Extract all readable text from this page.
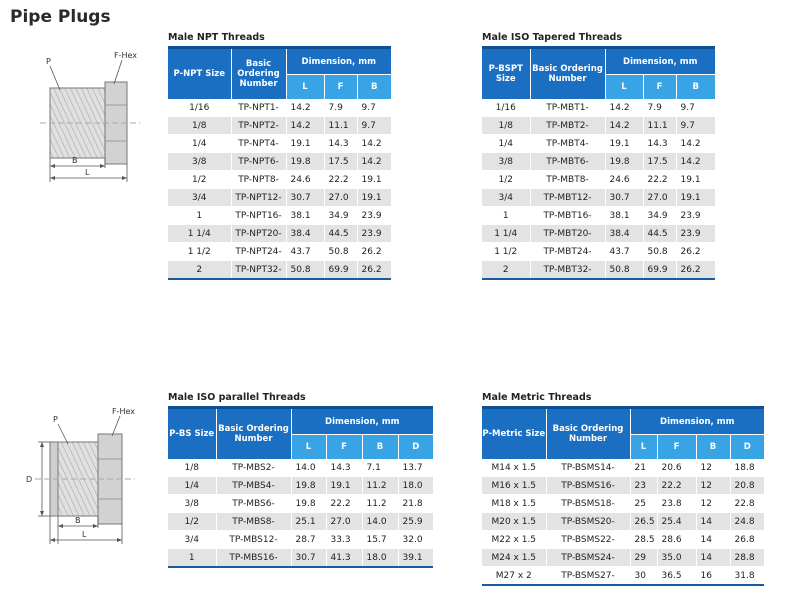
Pipe Plugs
P
F-Hex
B
L
P
F-Hex
D
B
L
Male NPT Threads
P-NPT Size	Basic Ordering Number	Dimension, mm		
		L	F	B
1/16	TP-NPT1-	14.2	7.9	9.7
1/8	TP-NPT2-	14.2	11.1	9.7
1/4	TP-NPT4-	19.1	14.3	14.2
3/8	TP-NPT6-	19.8	17.5	14.2
1/2	TP-NPT8-	24.6	22.2	19.1
3/4	TP-NPT12-	30.7	27.0	19.1
1	TP-NPT16-	38.1	34.9	23.9
1 1/4	TP-NPT20-	38.4	44.5	23.9
1 1/2	TP-NPT24-	43.7	50.8	26.2
2	TP-NPT32-	50.8	69.9	26.2
Male ISO Tapered Threads
P-BSPT Size	Basic Ordering Number	Dimension, mm		
		L	F	B
1/16	TP-MBT1-	14.2	7.9	9.7
1/8	TP-MBT2-	14.2	11.1	9.7
1/4	TP-MBT4-	19.1	14.3	14.2
3/8	TP-MBT6-	19.8	17.5	14.2
1/2	TP-MBT8-	24.6	22.2	19.1
3/4	TP-MBT12-	30.7	27.0	19.1
1	TP-MBT16-	38.1	34.9	23.9
1 1/4	TP-MBT20-	38.4	44.5	23.9
1 1/2	TP-MBT24-	43.7	50.8	26.2
2	TP-MBT32-	50.8	69.9	26.2
Male ISO parallel Threads
P-BS Size	Basic Ordering Number	Dimension, mm			
		L	F	B	D
1/8	TP-MBS2-	14.0	14.3	7.1	13.7
1/4	TP-MBS4-	19.8	19.1	11.2	18.0
3/8	TP-MBS6-	19.8	22.2	11.2	21.8
1/2	TP-MBS8-	25.1	27.0	14.0	25.9
3/4	TP-MBS12-	28.7	33.3	15.7	32.0
1	TP-MBS16-	30.7	41.3	18.0	39.1
Male Metric Threads
P-Metric Size	Basic Ordering Number	Dimension, mm			
		L	F	B	D
M14 x 1.5	TP-BSMS14-	21	20.6	12	18.8
M16 x 1.5	TP-BSMS16-	23	22.2	12	20.8
M18 x 1.5	TP-BSMS18-	25	23.8	12	22.8
M20 x 1.5	TP-BSMS20-	26.5	25.4	14	24.8
M22 x 1.5	TP-BSMS22-	28.5	28.6	14	26.8
M24 x 1.5	TP-BSMS24-	29	35.0	14	28.8
M27 x 2	TP-BSMS27-	30	36.5	16	31.8
